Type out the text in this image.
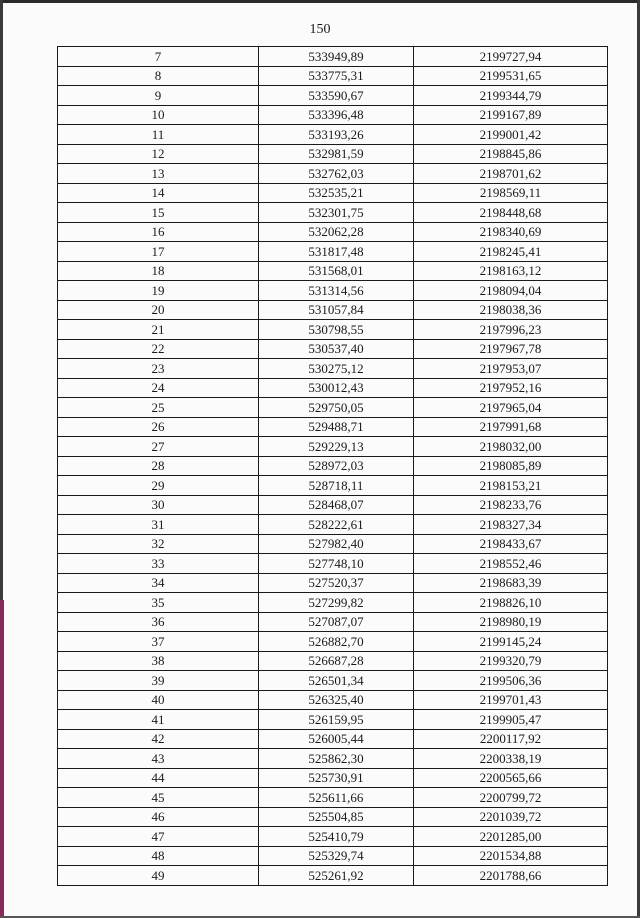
150
7	533949,89	2199727,94
8	533775,31	2199531,65
9	533590,67	2199344,79
10	533396,48	2199167,89
11	533193,26	2199001,42
12	532981,59	2198845,86
13	532762,03	2198701,62
14	532535,21	2198569,11
15	532301,75	2198448,68
16	532062,28	2198340,69
17	531817,48	2198245,41
18	531568,01	2198163,12
19	531314,56	2198094,04
20	531057,84	2198038,36
21	530798,55	2197996,23
22	530537,40	2197967,78
23	530275,12	2197953,07
24	530012,43	2197952,16
25	529750,05	2197965,04
26	529488,71	2197991,68
27	529229,13	2198032,00
28	528972,03	2198085,89
29	528718,11	2198153,21
30	528468,07	2198233,76
31	528222,61	2198327,34
32	527982,40	2198433,67
33	527748,10	2198552,46
34	527520,37	2198683,39
35	527299,82	2198826,10
36	527087,07	2198980,19
37	526882,70	2199145,24
38	526687,28	2199320,79
39	526501,34	2199506,36
40	526325,40	2199701,43
41	526159,95	2199905,47
42	526005,44	2200117,92
43	525862,30	2200338,19
44	525730,91	2200565,66
45	525611,66	2200799,72
46	525504,85	2201039,72
47	525410,79	2201285,00
48	525329,74	2201534,88
49	525261,92	2201788,66
